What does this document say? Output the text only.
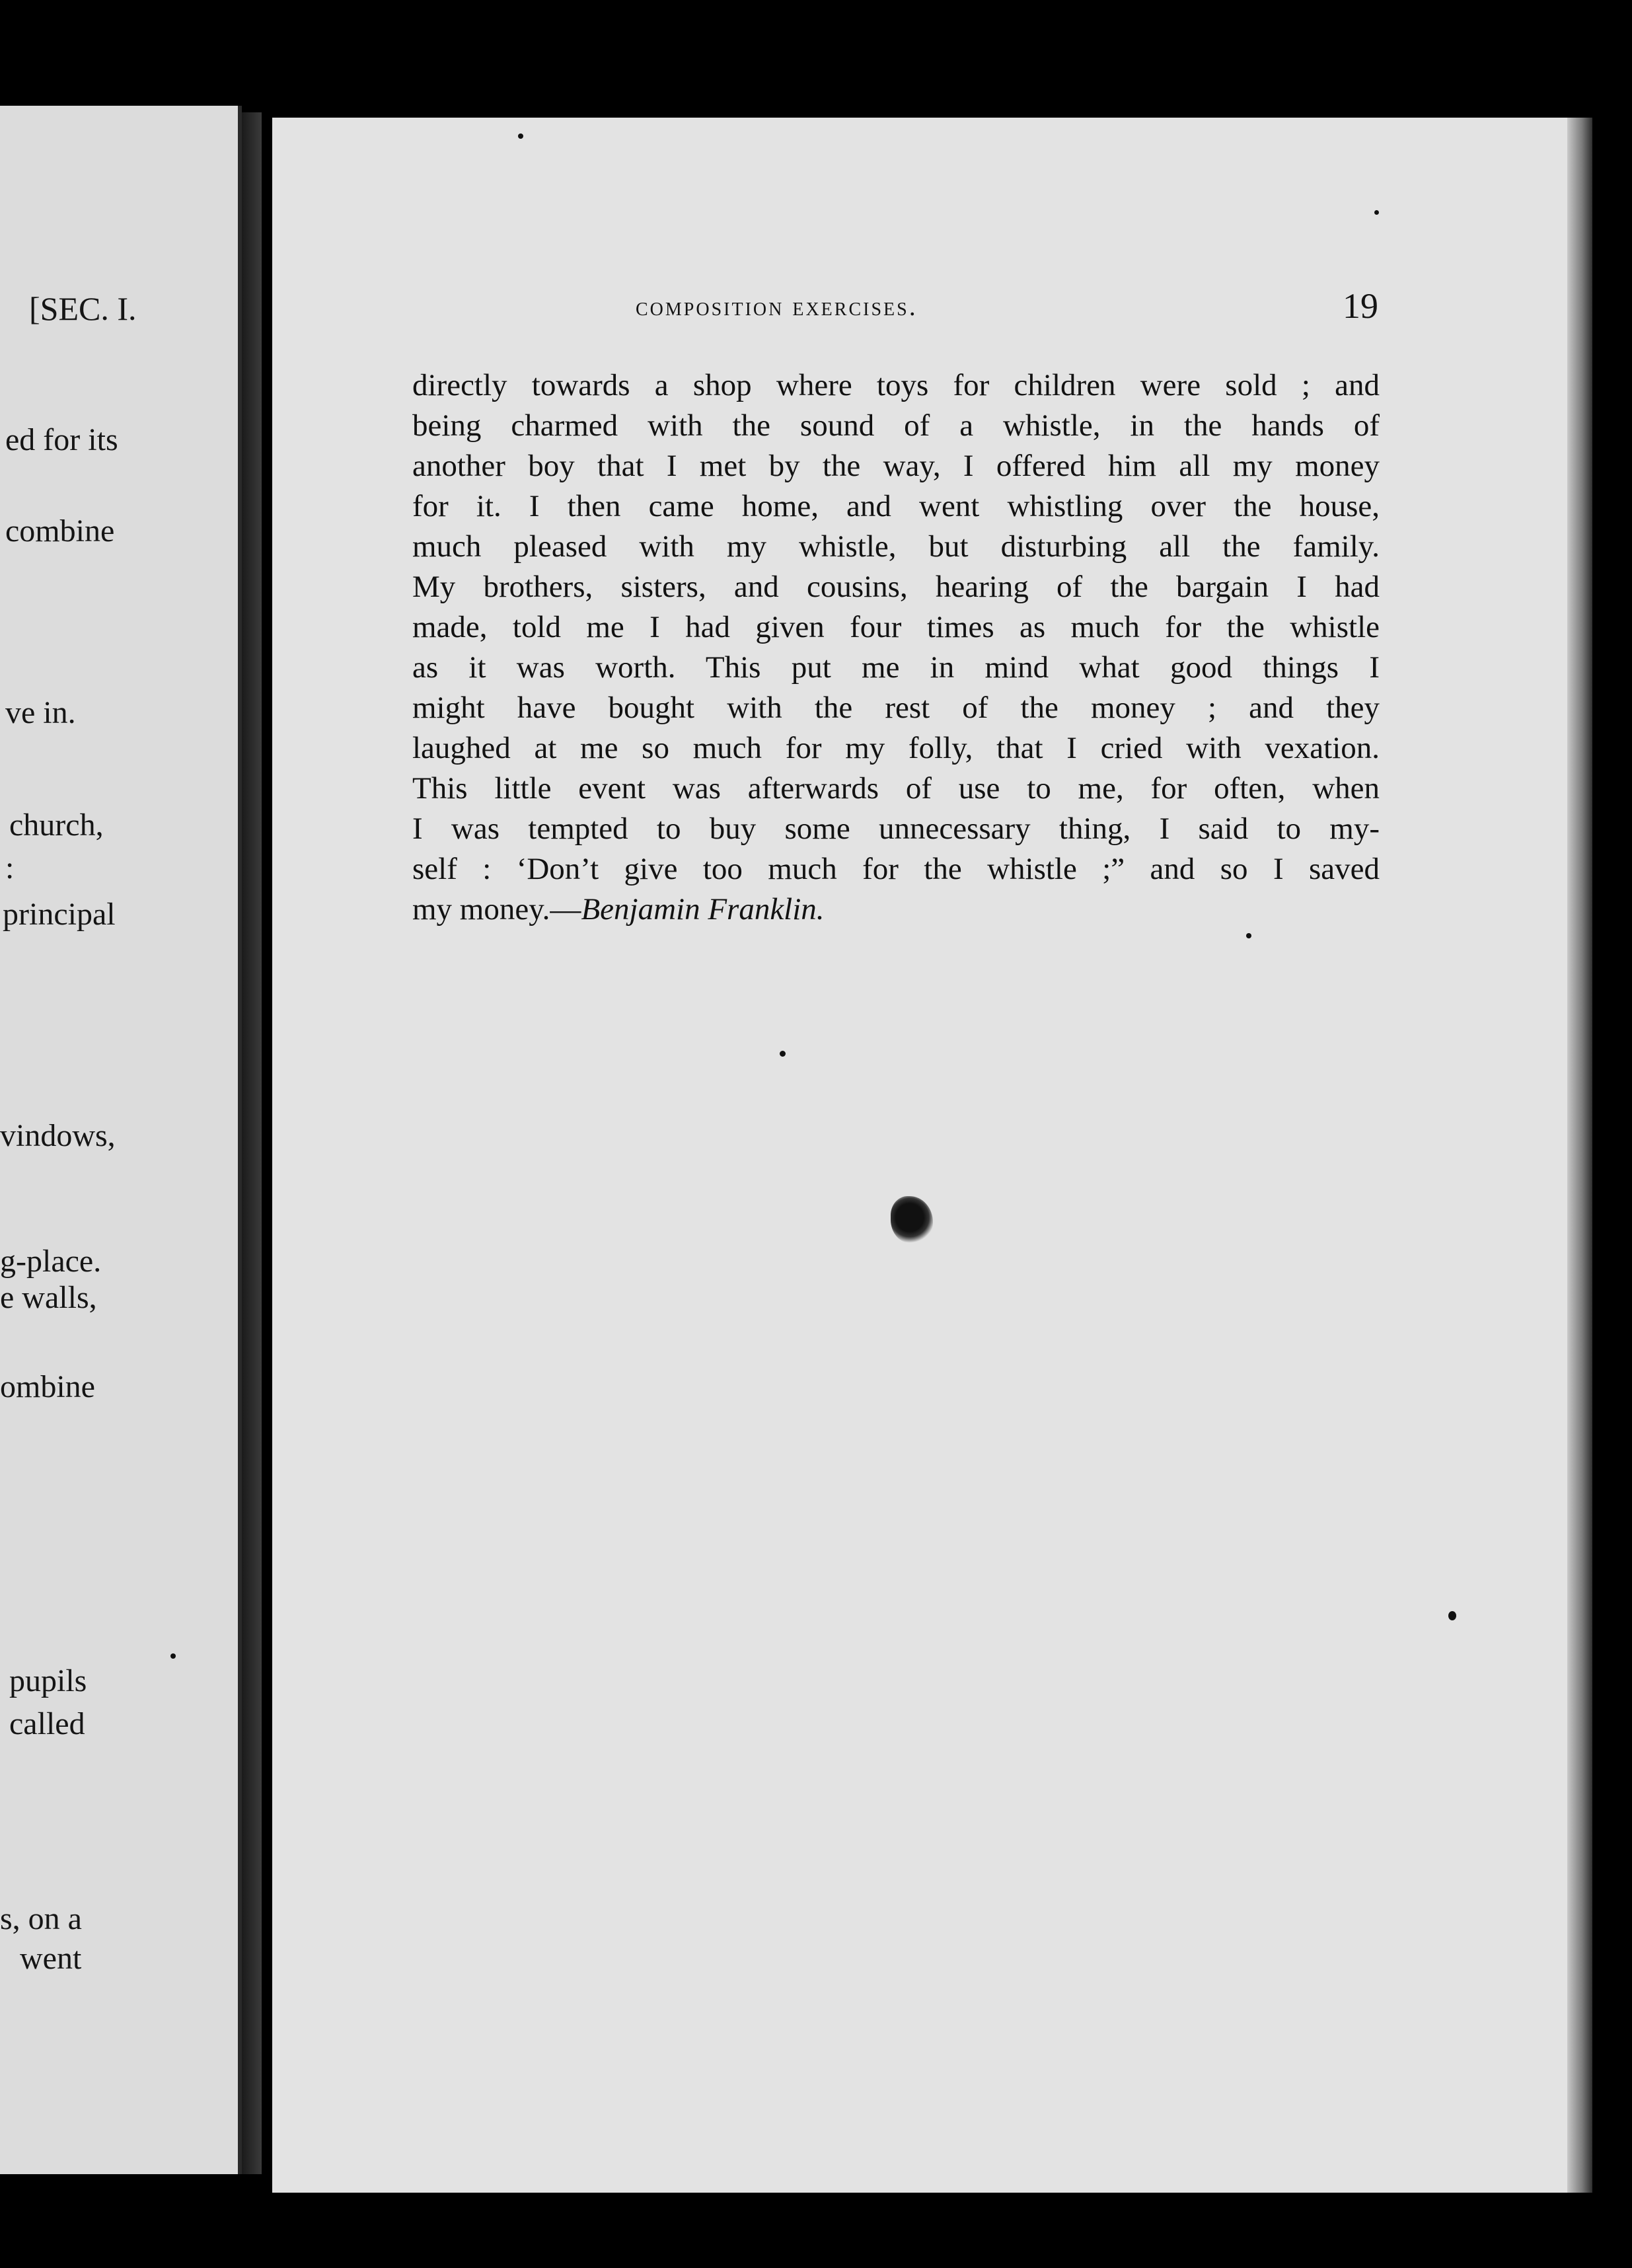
[SEC. I.
ed for its
combine
ve in.
church,
:
principal
vindows,
g-place.
e walls,
ombine
pupils
called
s, on a
went
composition exercises.	19
directly towards a shop where toys for children were sold ; and
being charmed with the sound of a whistle, in the hands of
another boy that I met by the way, I offered him all my money
for it. I then came home, and went whistling over the house,
much pleased with my whistle, but disturbing all the family.
My brothers, sisters, and cousins, hearing of the bargain I had
made, told me I had given four times as much for the whistle
as it was worth. This put me in mind what good things I
might have bought with the rest of the money ; and they
laughed at me so much for my folly, that I cried with vexation.
This little event was afterwards of use to me, for often, when
I was tempted to buy some unnecessary thing, I said to my-
self : ‘Don’t give too much for the whistle ;” and so I saved
my money.—Benjamin Franklin.
